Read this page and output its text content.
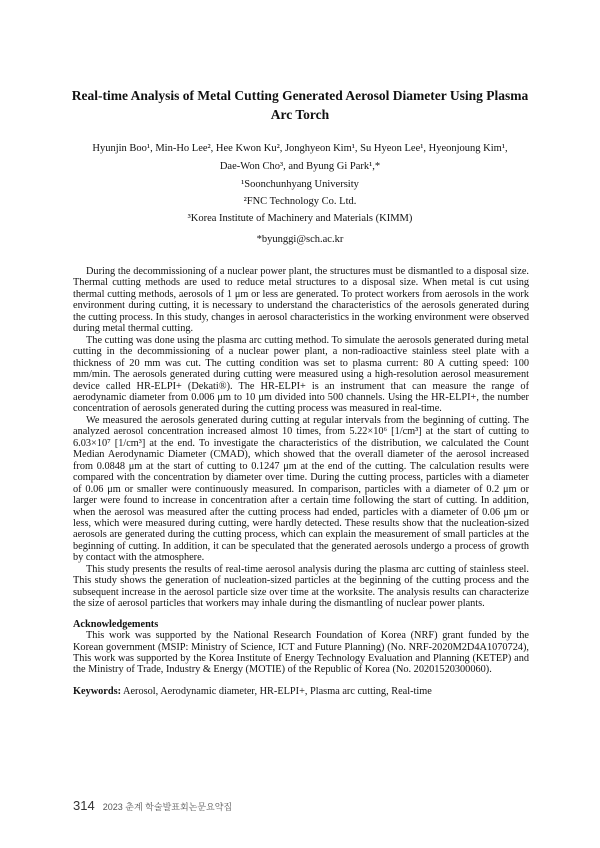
Real-time Analysis of Metal Cutting Generated Aerosol Diameter Using Plasma
Arc Torch
Hyunjin Boo¹, Min-Ho Lee², Hee Kwon Ku², Jonghyeon Kim¹, Su Hyeon Lee¹, Hyeonjoung Kim¹,
Dae-Won Cho³, and Byung Gi Park¹,*
¹Soonchunhyang University
²FNC Technology Co. Ltd.
³Korea Institute of Machinery and Materials (KIMM)
*byunggi@sch.ac.kr

During the decommissioning of a nuclear power plant, the structures must be dismantled to a disposal size. Thermal cutting methods are used to reduce metal structures to a disposal size. When metal is cut using thermal cutting methods, aerosols of 1 μm or less are generated. To protect workers from aerosols in the work environment during cutting, it is necessary to understand the characteristics of the aerosols generated during the cutting process. In this study, changes in aerosol characteristics in the working environment were observed during metal thermal cutting.

The cutting was done using the plasma arc cutting method. To simulate the aerosols generated during metal cutting in the decommissioning of a nuclear power plant, a non-radioactive stainless steel plate with a thickness of 20 mm was cut. The cutting condition was set to plasma current: 80 A cutting speed: 100 mm/min. The aerosols generated during cutting were measured using a high-resolution aerosol measurement device called HR-ELPI+ (Dekati®). The HR-ELPI+ is an instrument that can measure the range of aerodynamic diameter from 0.006 μm to 10 μm divided into 500 channels. Using the HR-ELPI+, the number concentration of aerosols generated during the cutting process was measured in real-time.

We measured the aerosols generated during cutting at regular intervals from the beginning of cutting. The analyzed aerosol concentration increased almost 10 times, from 5.22×10⁶ [1/cm³] at the start of cutting to 6.03×10⁷ [1/cm³] at the end. To investigate the characteristics of the distribution, we calculated the Count Median Aerodynamic Diameter (CMAD), which showed that the overall diameter of the aerosol increased from 0.0848 μm at the start of cutting to 0.1247 μm at the end of the cutting. The calculation results were compared with the concentration by diameter over time. During the cutting process, particles with a diameter of 0.06 μm or smaller were continuously measured. In comparison, particles with a diameter of 0.2 μm or larger were found to increase in concentration after a certain time following the start of cutting. In addition, when the aerosol was measured after the cutting process had ended, particles with a diameter of 0.06 μm or less, which were measured during cutting, were hardly detected. These results show that the nucleation-sized aerosols are generated during the cutting process, which can explain the measurement of small particles at the beginning of cutting. In addition, it can be speculated that the generated aerosols undergo a process of growth by contact with the atmosphere.

This study presents the results of real-time aerosol analysis during the plasma arc cutting of stainless steel. This study shows the generation of nucleation-sized particles at the beginning of the cutting process and the subsequent increase in the aerosol particle size over time at the worksite. The analysis results can characterize the size of aerosol particles that workers may inhale during the dismantling of nuclear power plants.

Acknowledgements

This work was supported by the National Research Foundation of Korea (NRF) grant funded by the Korean government (MSIP: Ministry of Science, ICT and Future Planning) (No. NRF-2020M2D4A1070724), This work was supported by the Korea Institute of Energy Technology Evaluation and Planning (KETEP) and the Ministry of Trade, Industry & Energy (MOTIE) of the Republic of Korea (No. 20201520300060).

Keywords: Aerosol, Aerodynamic diameter, HR-ELPI+, Plasma arc cutting, Real-time

314 2023 춘계 학술발표회논문요약집
